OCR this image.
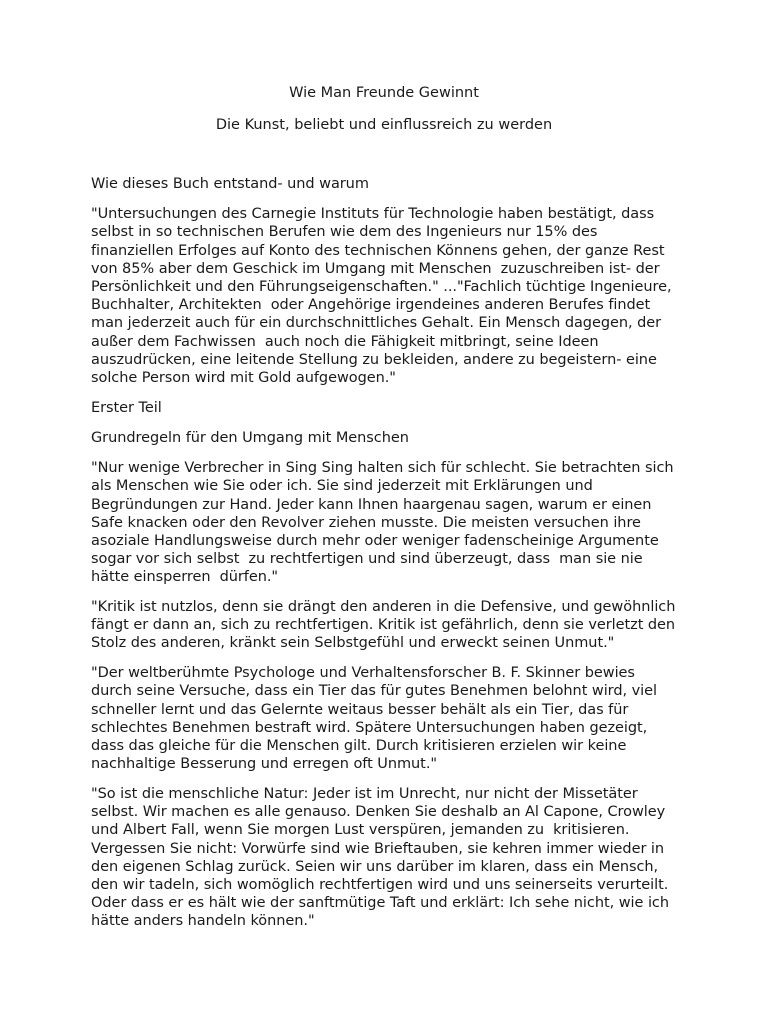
Wie Man Freunde Gewinnt
Die Kunst, beliebt und einflussreich zu werden

Wie dieses Buch entstand- und warum

"Untersuchungen des Carnegie Instituts für Technologie haben bestätigt, dass selbst in so technischen Berufen wie dem des Ingenieurs nur 15% des finanziellen Erfolges auf Konto des technischen Könnens gehen, der ganze Rest von 85% aber dem Geschick im Umgang mit Menschen  zuzuschreiben ist- der Persönlichkeit und den Führungseigenschaften." ..."Fachlich tüchtige Ingenieure, Buchhalter, Architekten  oder Angehörige irgendeines anderen Berufes findet man jederzeit auch für ein durchschnittliches Gehalt. Ein Mensch dagegen, der außer dem Fachwissen  auch noch die Fähigkeit mitbringt, seine Ideen auszudrücken, eine leitende Stellung zu bekleiden, andere zu begeistern- eine solche Person wird mit Gold aufgewogen."

Erster Teil

Grundregeln für den Umgang mit Menschen

"Nur wenige Verbrecher in Sing Sing halten sich für schlecht. Sie betrachten sich als Menschen wie Sie oder ich. Sie sind jederzeit mit Erklärungen und Begründungen zur Hand. Jeder kann Ihnen haargenau sagen, warum er einen Safe knacken oder den Revolver ziehen musste. Die meisten versuchen ihre asoziale Handlungsweise durch mehr oder weniger fadenscheinige Argumente sogar vor sich selbst  zu rechtfertigen und sind überzeugt, dass  man sie nie hätte einsperren  dürfen."

"Kritik ist nutzlos, denn sie drängt den anderen in die Defensive, und gewöhnlich fängt er dann an, sich zu rechtfertigen. Kritik ist gefährlich, denn sie verletzt den Stolz des anderen, kränkt sein Selbstgefühl und erweckt seinen Unmut."

"Der weltberühmte Psychologe und Verhaltensforscher B. F. Skinner bewies durch seine Versuche, dass ein Tier das für gutes Benehmen belohnt wird, viel schneller lernt und das Gelernte weitaus besser behält als ein Tier, das für schlechtes Benehmen bestraft wird. Spätere Untersuchungen haben gezeigt, dass das gleiche für die Menschen gilt. Durch kritisieren erzielen wir keine nachhaltige Besserung und erregen oft Unmut."

"So ist die menschliche Natur: Jeder ist im Unrecht, nur nicht der Missetäter selbst. Wir machen es alle genauso. Denken Sie deshalb an Al Capone, Crowley und Albert Fall, wenn Sie morgen Lust verspüren, jemanden zu  kritisieren. Vergessen Sie nicht: Vorwürfe sind wie Brieftauben, sie kehren immer wieder in den eigenen Schlag zurück. Seien wir uns darüber im klaren, dass ein Mensch, den wir tadeln, sich womöglich rechtfertigen wird und uns seinerseits verurteilt. Oder dass er es hält wie der sanftmütige Taft und erklärt: Ich sehe nicht, wie ich hätte anders handeln können."
